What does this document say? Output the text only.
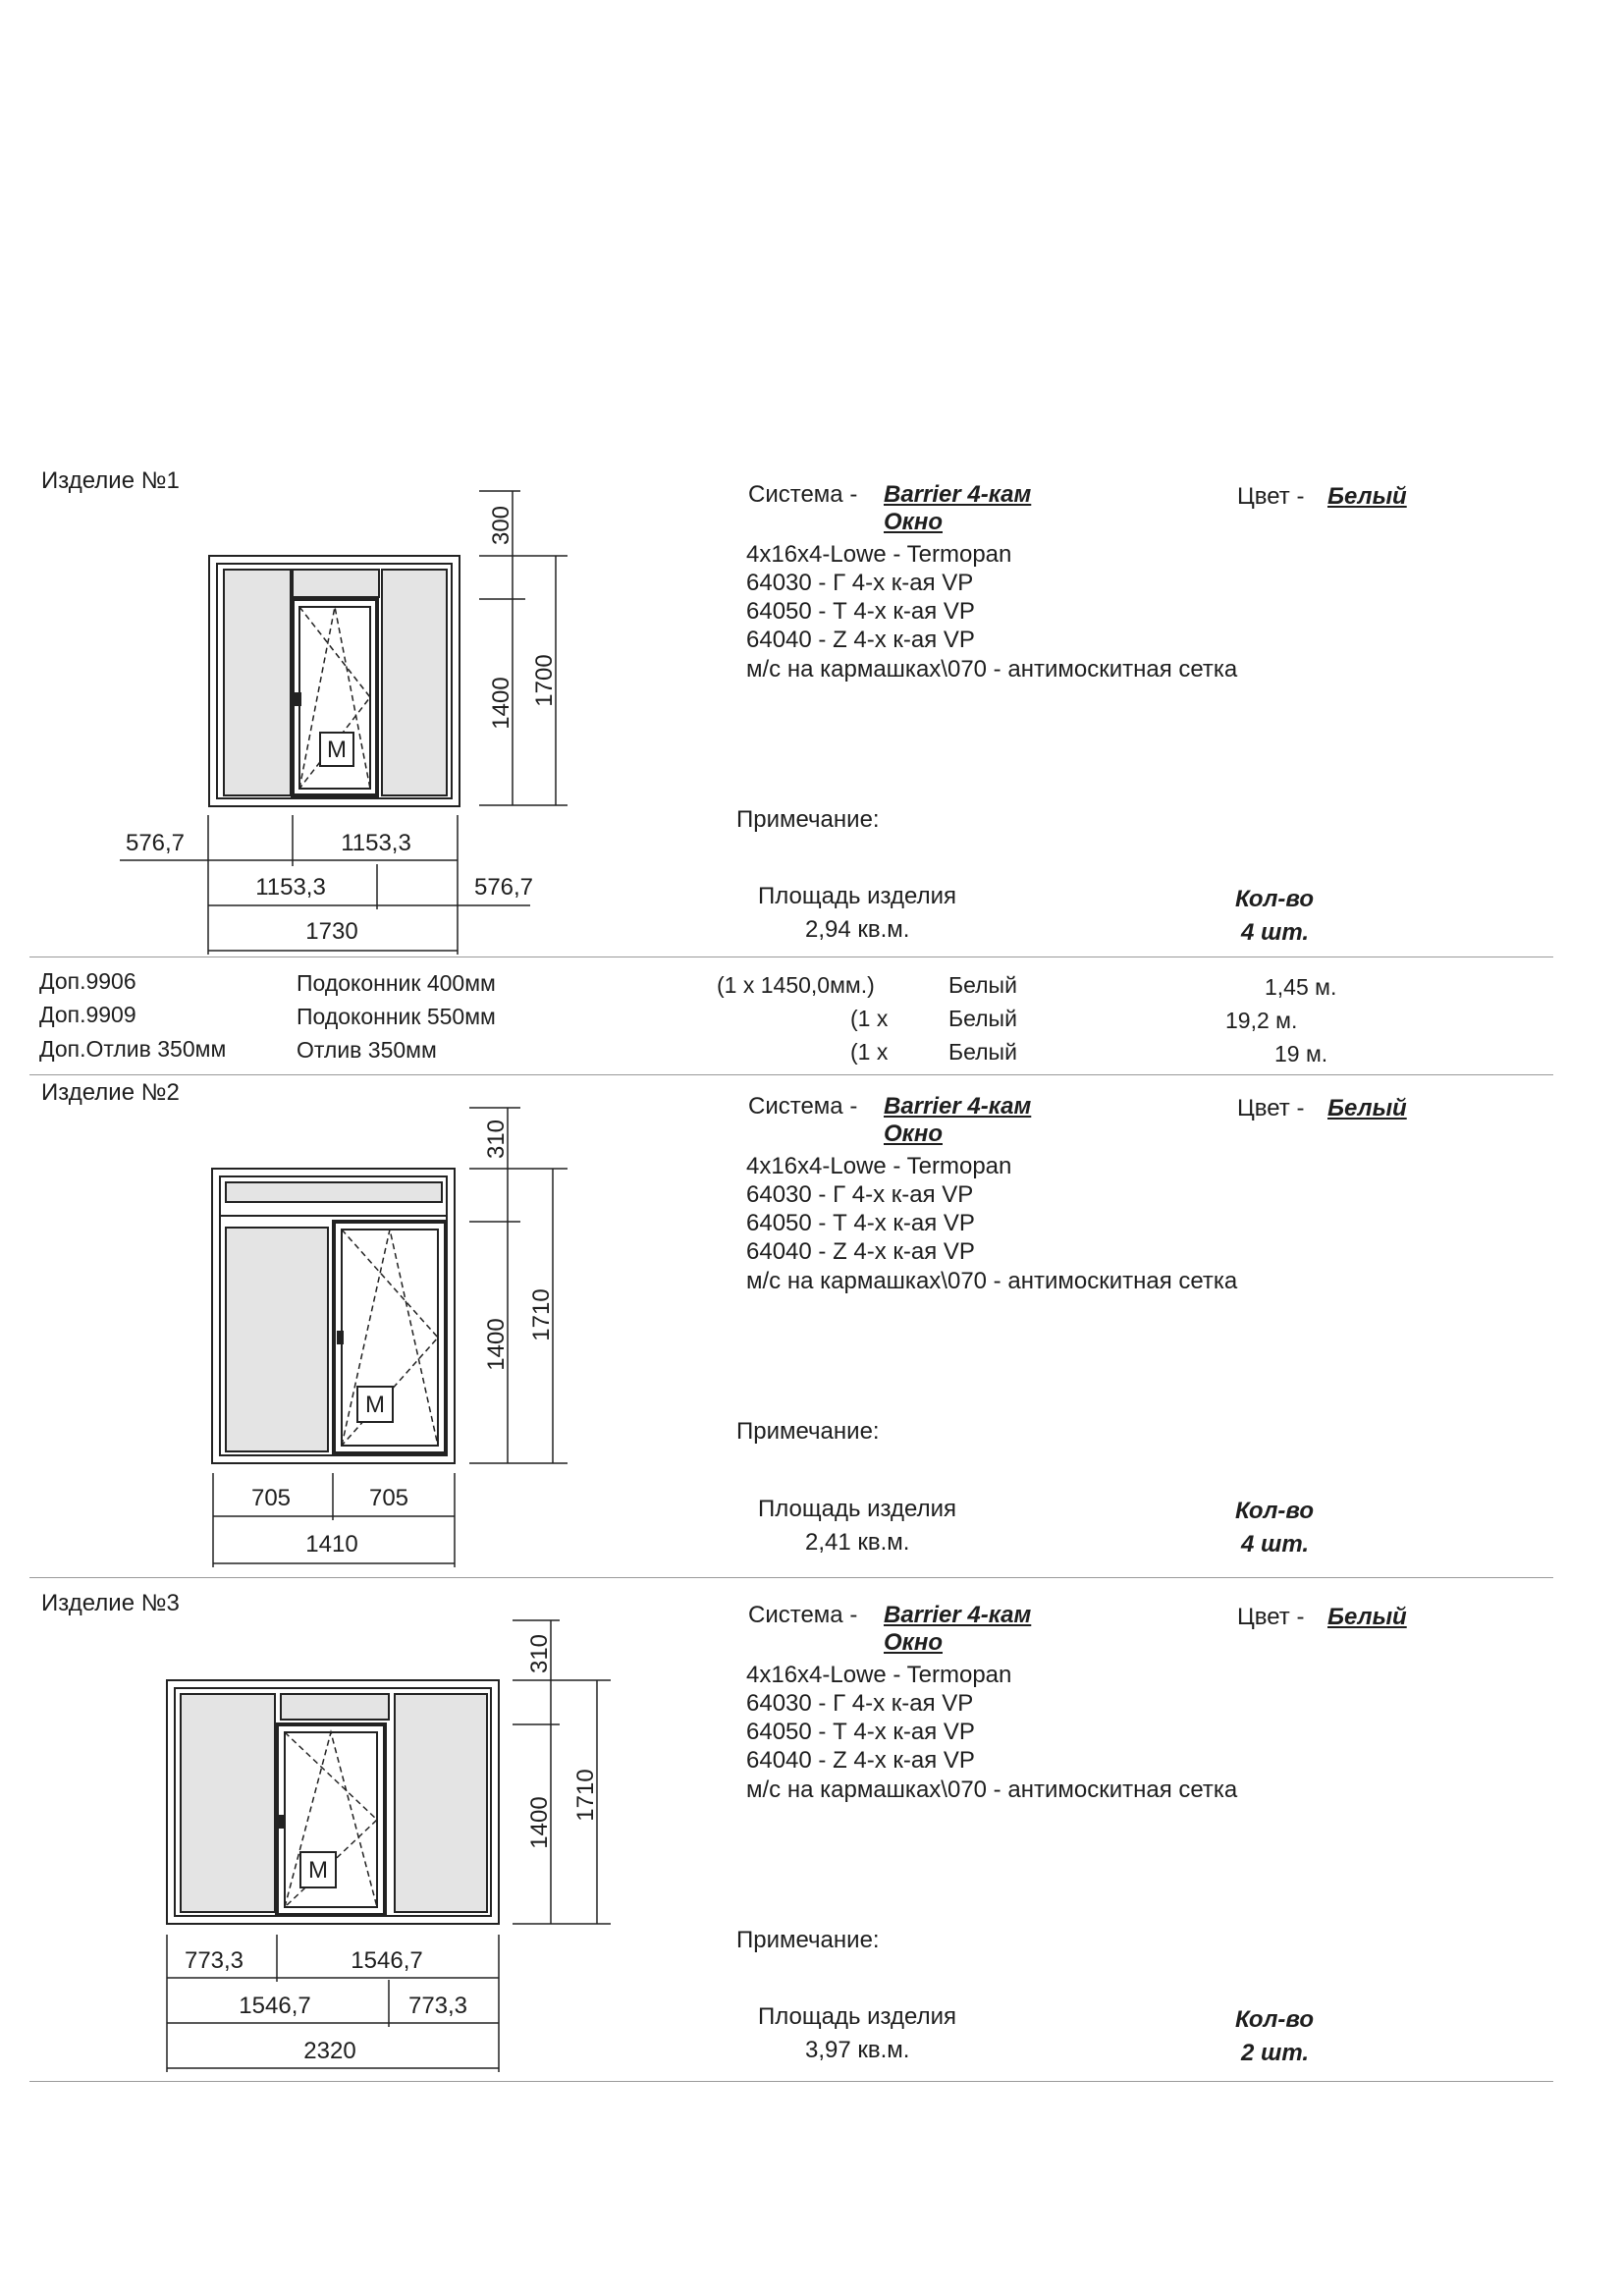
Изделие №1
М
300
1400 1700
576,7	1153,3
1153,3	576,7
1730
Система - Barrier 4-кам
Окно
Цвет - Белый
4х16х4-Lowe - Termopan
64030 - Г 4-х к-ая VP
64050 - Т 4-х к-ая VP
64040 - Z 4-х к-ая VP
м/с на кармашках\070 - антимоскитная сетка
Примечание:
Площадь изделия
2,94 кв.м.
Кол-во
4 шт.
Доп.9906	Подоконник 400мм	(1 x 1450,0мм.)	Белый	1,45 м.
Доп.9909	Подоконник 550мм	(1 x	Белый	19,2 м.
Доп.Отлив 350мм	Отлив 350мм	(1 x	Белый	19 м.
Изделие №2
М
310
1400
1710
705	705
1410
Система - Barrier 4-кам
Окно
Цвет - Белый
4х16х4-Lowe - Termopan
64030 - Г 4-х к-ая VP
64050 - Т 4-х к-ая VP
64040 - Z 4-х к-ая VP
м/с на кармашках\070 - антимоскитная сетка
Примечание:
Площадь изделия
2,41 кв.м.
Кол-во
4 шт.
Изделие №3
М
310
1400
1710
773,3	1546,7
1546,7	773,3
2320
Система - Barrier 4-кам
Окно
Цвет - Белый
4х16х4-Lowe - Termopan
64030 - Г 4-х к-ая VP
64050 - Т 4-х к-ая VP
64040 - Z 4-х к-ая VP
м/с на кармашках\070 - антимоскитная сетка
Примечание:
Площадь изделия
3,97 кв.м.
Кол-во
2 шт.
